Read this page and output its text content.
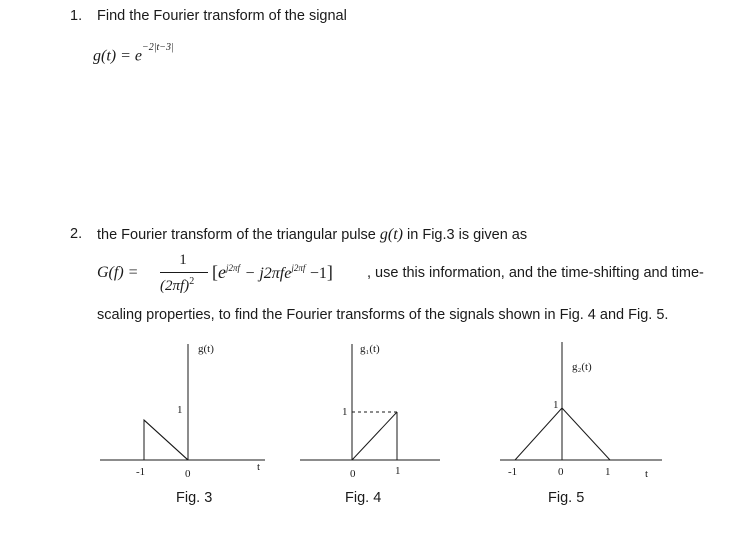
1. Find the Fourier transform of the signal
$g(t) = e^{-2|t-3|}$
2. the Fourier transform of the triangular pulse g(t) in Fig.3 is given as
G(f) =
1
$(2\pi f)^2$ $[e^{j2\pi f} - j2\pi fe^{j2\pi f} -1]$ , use this information, and the time-shifting and time-
scaling properties, to find the Fourier transforms of the signals shown in Fig. 4 and Fig. 5.
g(t)
1
-1	0
t
g₁(t)
1
0	1
g₂(t)
1
-1	0	1	t
Fig. 3	Fig. 4	Fig. 5
